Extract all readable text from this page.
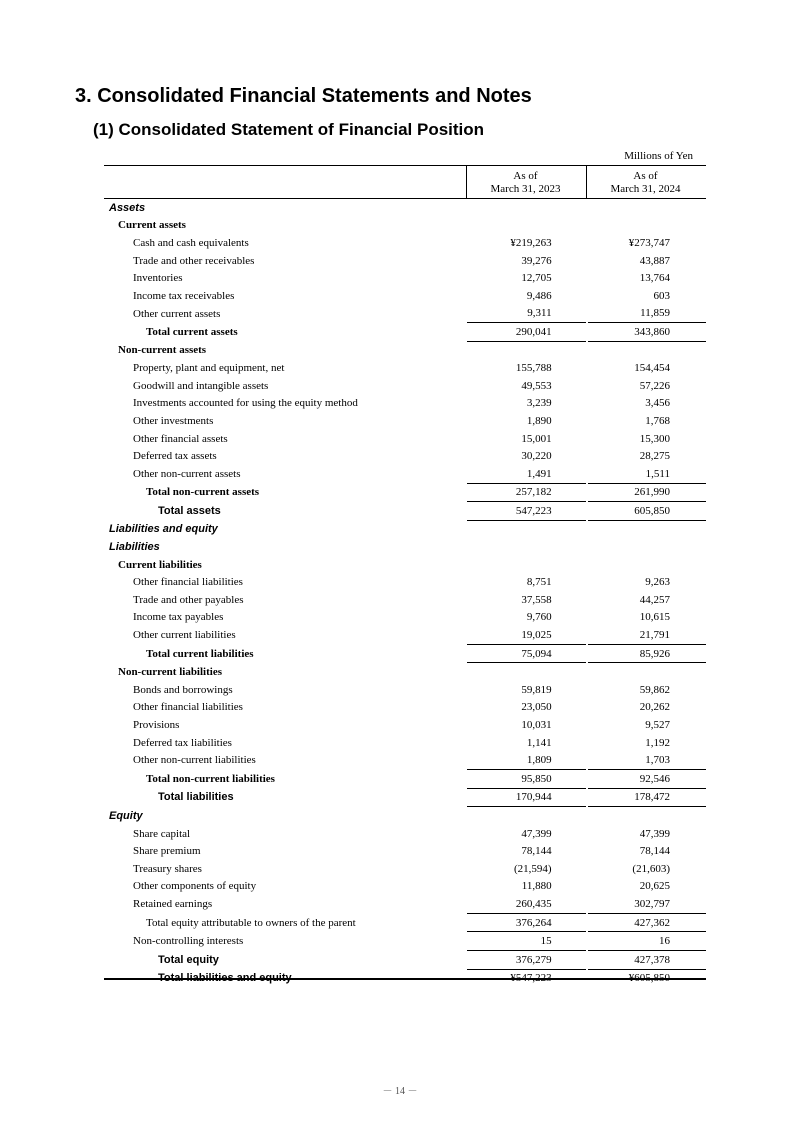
3. Consolidated Financial Statements and Notes
(1) Consolidated Statement of Financial Position
Millions of Yen
As of
March 31, 2023
As of
March 31, 2024
Assets			
Current assets			
Cash and cash equivalents	¥219,263		¥273,747
Trade and other receivables	39,276		43,887
Inventories	12,705		13,764
Income tax receivables	9,486		603
Other current assets	9,311		11,859
Total current assets	290,041		343,860
Non-current assets			
Property, plant and equipment, net	155,788		154,454
Goodwill and intangible assets	49,553		57,226
Investments accounted for using the equity method	3,239		3,456
Other investments	1,890		1,768
Other financial assets	15,001		15,300
Deferred tax assets	30,220		28,275
Other non-current assets	1,491		1,511
Total non-current assets	257,182		261,990
Total assets	547,223		605,850
Liabilities and equity			
Liabilities			
Current liabilities			
Other financial liabilities	8,751		9,263
Trade and other payables	37,558		44,257
Income tax payables	9,760		10,615
Other current liabilities	19,025		21,791
Total current liabilities	75,094		85,926
Non-current liabilities			
Bonds and borrowings	59,819		59,862
Other financial liabilities	23,050		20,262
Provisions	10,031		9,527
Deferred tax liabilities	1,141		1,192
Other non-current liabilities	1,809		1,703
Total non-current liabilities	95,850		92,546
Total liabilities	170,944		178,472
Equity			
Share capital	47,399		47,399
Share premium	78,144		78,144
Treasury shares	(21,594)		(21,603)
Other components of equity	11,880		20,625
Retained earnings	260,435		302,797
Total equity attributable to owners of the parent	376,264		427,362
Non-controlling interests	15		16
Total equity	376,279		427,378
Total liabilities and equity	¥547,223		¥605,850
－ 14 －
